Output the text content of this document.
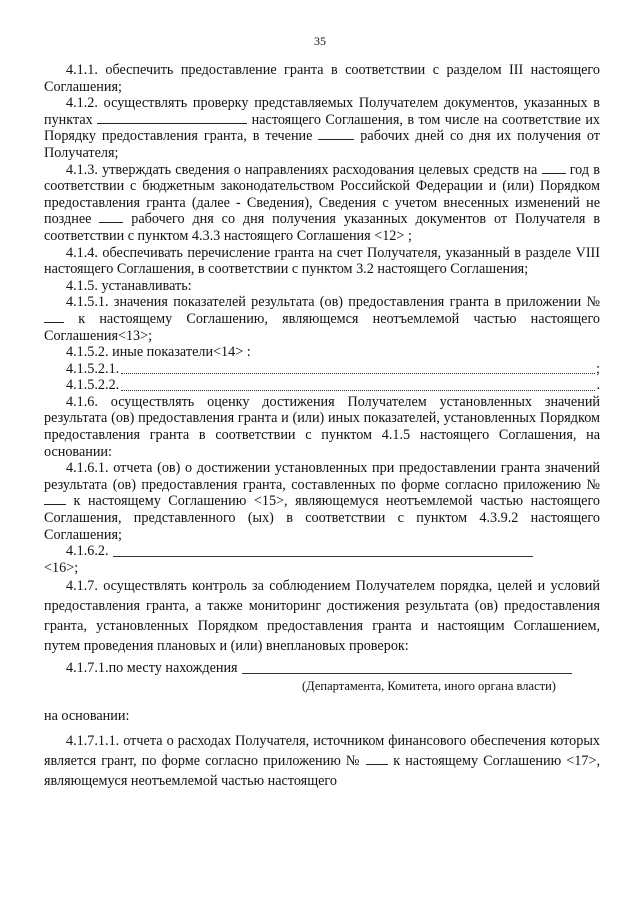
35

4.1.1. обеспечить предоставление гранта в соответствии с разделом III настоящего Соглашения;

4.1.2. осуществлять проверку представляемых Получателем документов, указанных в пунктах	настоящего Соглашения, в том числе на соответствие их Порядку предоставления гранта, в течение	рабочих дней со дня их получения от Получателя;

4.1.3. утверждать сведения о направлениях расходования целевых средств на год в соответствии с бюджетным законодательством Российской Федерации и (или) Порядком предоставления гранта (далее - Сведения), Сведения с учетом внесенных изменений не позднее	рабочего дня со дня получения указанных документов от Получателя в соответствии с пунктом 4.3.3 настоящего Соглашения <12> ;

4.1.4. обеспечивать перечисление гранта на счет Получателя, указанный в разделе VIII настоящего Соглашения, в соответствии с пунктом 3.2 настоящего Соглашения;

4.1.5. устанавливать:

4.1.5.1. значения показателей результата (ов) предоставления гранта в приложении №  к настоящему Соглашению, являющемся неотъемлемой частью настоящего Соглашения<13>;

4.1.5.2. иные показатели<14> :

4.1.5.2.1.	;
4.1.5.2.2.	.

4.1.6. осуществлять оценку достижения Получателем установленных значений результата (ов) предоставления гранта и (или) иных показателей, установленных Порядком предоставления гранта в соответствии с пунктом 4.1.5 настоящего Соглашения, на основании:

4.1.6.1. отчета (ов) о достижении установленных при предоставлении гранта значений результата (ов) предоставления гранта, составленных по форме согласно приложению №  к настоящему Соглашению <15>, являющемуся неотъемлемой частью настоящего Соглашения, представленного (ых) в соответствии с пунктом 4.3.9.2 настоящего Соглашения;

4.1.6.2.

<16>;

4.1.7. осуществлять контроль за соблюдением Получателем порядка, целей и условий предоставления гранта, а также мониторинг достижения результата (ов) предоставления гранта, установленных Порядком предоставления гранта и настоящим Соглашением, путем проведения плановых и (или) внеплановых проверок:

4.1.7.1.по месту нахождения
(Департамента, Комитета, иного органа власти)

на основании:

4.1.7.1.1. отчета о расходах Получателя, источником финансового обеспечения которых является грант, по форме согласно приложению № к настоящему Соглашению <17>, являющемуся неотъемлемой частью настоящего
